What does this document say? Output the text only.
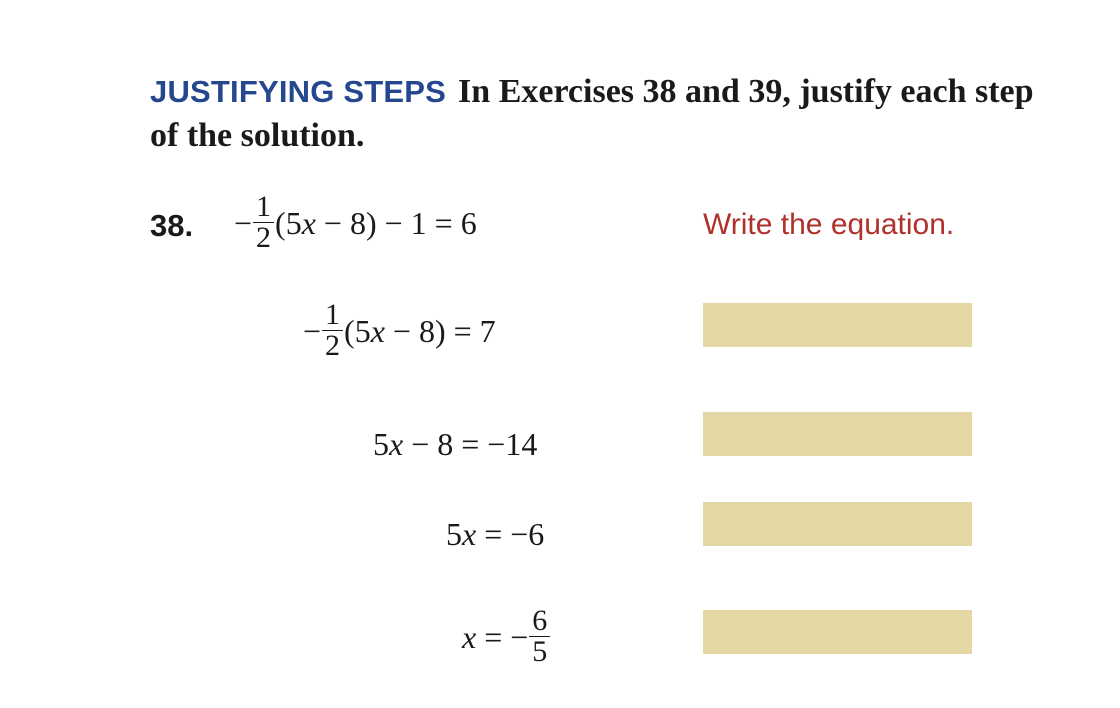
JUSTIFYING STEPS In Exercises 38 and 39, justify each step of the solution.
38. − $\frac{1}{2} (5x - 8) - 1 = 6$
− $\frac{1}{2} (5x - 8) = 7$
5x − 8 = −14
5x = −6
x = − $\frac{6}{5}$
Write the equation.
